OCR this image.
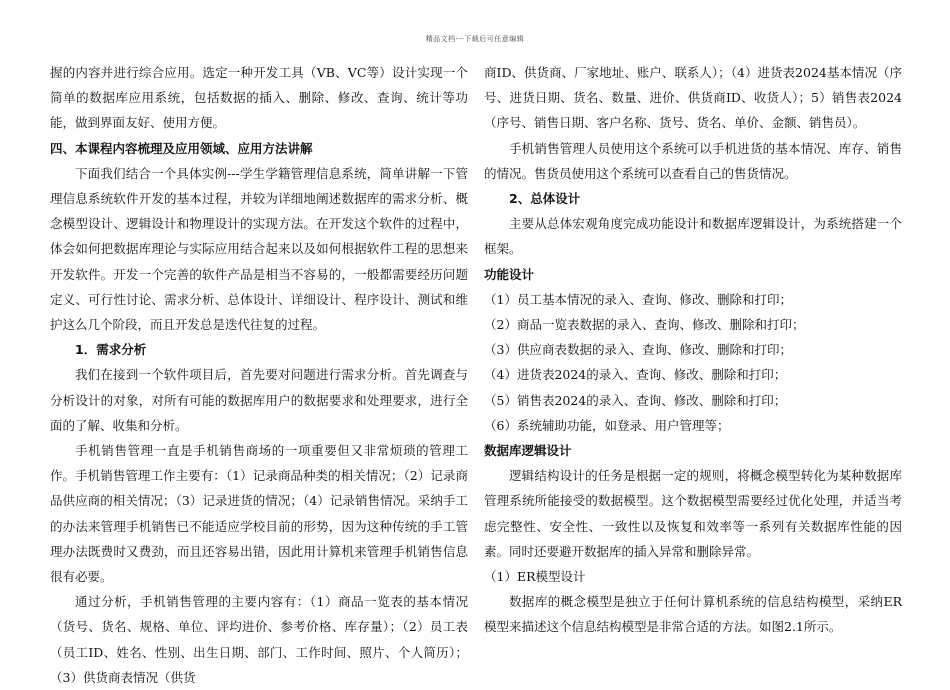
精品文档---下载后可任意编辑

握的内容并进行综合应用。选定一种开发工具（VB、VC等）设计实现一个简单的数据库应用系统，包括数据的插入、删除、修改、查询、统计等功能，做到界面友好、使用方便。

四、本课程内容梳理及应用领域、应用方法讲解

下面我们结合一个具体实例---学生学籍管理信息系统，简单讲解一下管理信息系统软件开发的基本过程，并较为详细地阐述数据库的需求分析、概念模型设计、逻辑设计和物理设计的实现方法。在开发这个软件的过程中，体会如何把数据库理论与实际应用结合起来以及如何根据软件工程的思想来开发软件。开发一个完善的软件产品是相当不容易的，一般都需要经历问题定义、可行性讨论、需求分析、总体设计、详细设计、程序设计、测试和维护这么几个阶段，而且开发总是迭代往复的过程。

1．需求分析

我们在接到一个软件项目后，首先要对问题进行需求分析。首先调查与分析设计的对象，对所有可能的数据库用户的数据要求和处理要求，进行全面的了解、收集和分析。

手机销售管理一直是手机销售商场的一项重要但又非常烦琐的管理工作。手机销售管理工作主要有：（1）记录商品种类的相关情况；（2）记录商品供应商的相关情况；（3）记录进货的情况；（4）记录销售情况。采纳手工的办法来管理手机销售已不能适应学校目前的形势，因为这种传统的手工管理办法既费时又费劲，而且还容易出错，因此用计算机来管理手机销售信息很有必要。

通过分析，手机销售管理的主要内容有：（1）商品一览表的基本情况（货号、货名、规格、单位、评均进价、参考价格、库存量）；（2）员工表（员工ID、姓名、性别、出生日期、部门、工作时间、照片、个人简历）；（3）供货商表情况（供货

商ID、供货商、厂家地址、账户、联系人）；（4）进货表2024基本情况（序号、进货日期、货名、数量、进价、供货商ID、收货人）；5）销售表2024（序号、销售日期、客户名称、货号、货名、单价、金额、销售员）。

手机销售管理人员使用这个系统可以手机进货的基本情况、库存、销售的情况。售货员使用这个系统可以查看自己的售货情况。

2、总体设计

主要从总体宏观角度完成功能设计和数据库逻辑设计，为系统搭建一个框架。

功能设计

（1）员工基本情况的录入、查询、修改、删除和打印；

（2）商品一览表数据的录入、查询、修改、删除和打印；

（3）供应商表数据的录入、查询、修改、删除和打印；

（4）进货表2024的录入、查询、修改、删除和打印；

（5）销售表2024的录入、查询、修改、删除和打印；

（6）系统辅助功能，如登录、用户管理等；

数据库逻辑设计

逻辑结构设计的任务是根据一定的规则，将概念模型转化为某种数据库管理系统所能接受的数据模型。这个数据模型需要经过优化处理，并适当考虑完整性、安全性、一致性以及恢复和效率等一系列有关数据库性能的因素。同时还要避开数据库的插入异常和删除异常。

（1）ER模型设计

数据库的概念模型是独立于任何计算机系统的信息结构模型，采纳ER模型来描述这个信息结构模型是非常合适的方法。如图2.1所示。
